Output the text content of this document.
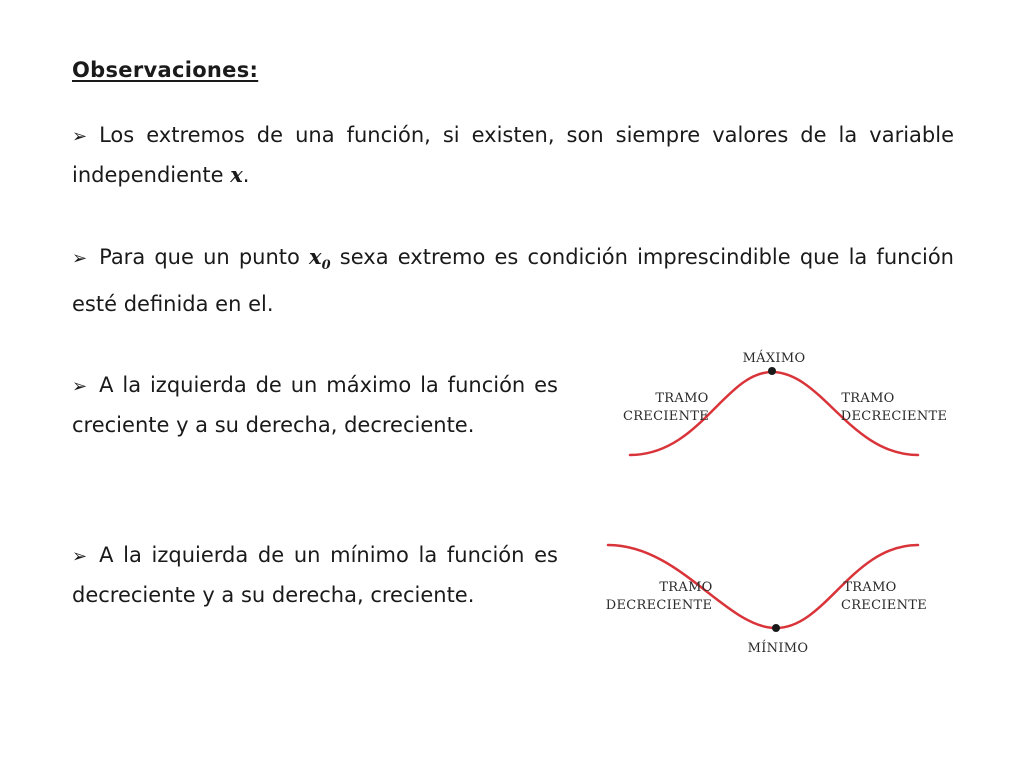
Observaciones:
➢ Los extremos de una función, si existen, son siempre valores de la variable independiente x.
➢ Para que un punto $x_0$ sexa extremo es condición imprescindible que la función esté definida en el.
➢ A la izquierda de un máximo la función es creciente y a su derecha, decreciente.
➢ A la izquierda de un mínimo la función es decreciente y a su derecha, creciente.
MÁXIMO
TRAMO
CRECIENTE
TRAMO
DECRECIENTE
MÍNIMO
TRAMO
DECRECIENTE
TRAMO
CRECIENTE
